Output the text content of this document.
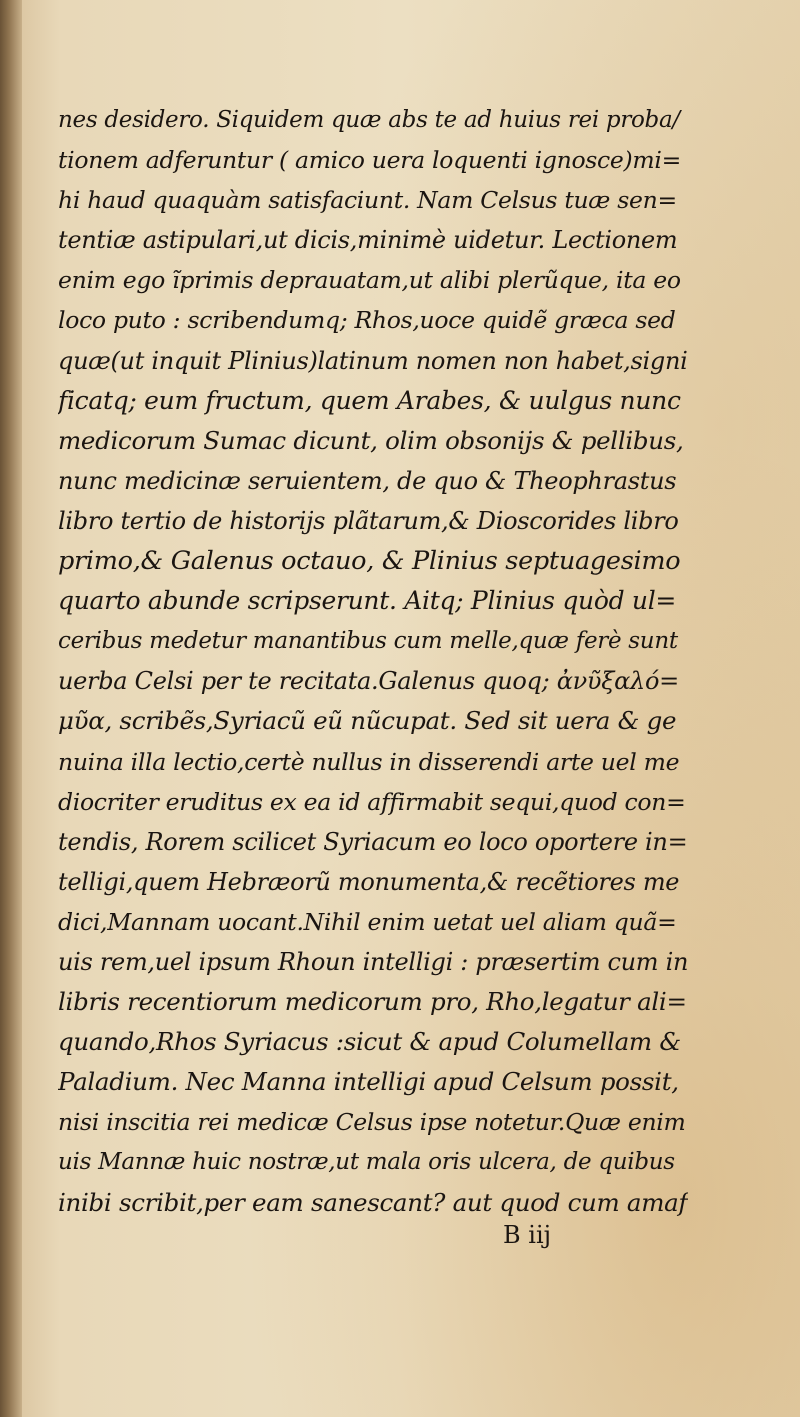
nes desidero. Siquidem quæ abs te ad huius rei proba/
tionem adferuntur ( amico uera loquenti ignosce)mi=
hi haud quaquàm satisfaciunt. Nam Celsus tuæ sen=
tentiæ astipulari,ut dicis,minimè uidetur. Lectionem
enim ego ĩprimis deprauatam,ut alibi plerũque, ita eo
loco puto : scribendumq; Rhos,uoce quidẽ græca sed
quæ(ut inquit Plinius)latinum nomen non habet,signi
ficatq; eum fructum, quem Arabes, & uulgus nunc
medicorum Sumac dicunt, olim obsonijs & pellibus,
nunc medicinæ seruientem, de quo & Theophrastus
libro tertio de historijs plãtarum,& Dioscorides libro
primo,& Galenus octauo, & Plinius septuagesimo
quarto abunde scripserunt. Aitq; Plinius quòd ul=
ceribus medetur manantibus cum melle,quæ ferè sunt
uerba Celsi per te recitata.Galenus quoq; ἀνῦξαλό=
μῦα, scribẽs,Syriacũ eũ nũcupat. Sed sit uera & ge
nuina illa lectio,certè nullus in disserendi arte uel me
diocriter eruditus ex ea id affirmabit sequi,quod con=
tendis, Rorem scilicet Syriacum eo loco oportere in=
telligi,quem Hebræorũ monumenta,& recẽtiores me
dici,Mannam uocant.Nihil enim uetat uel aliam quã=
uis rem,uel ipsum Rhoun intelligi : præsertim cum in
libris recentiorum medicorum pro, Rho,legatur ali=
quando,Rhos Syriacus :sicut & apud Columellam &
Paladium. Nec Manna intelligi apud Celsum possit,
nisi inscitia rei medicæ Celsus ipse notetur.Quæ enim
uis Mannæ huic nostræ,ut mala oris ulcera, de quibus
inibi scribit,per eam sanescant? aut quod cum amaf
B iij
